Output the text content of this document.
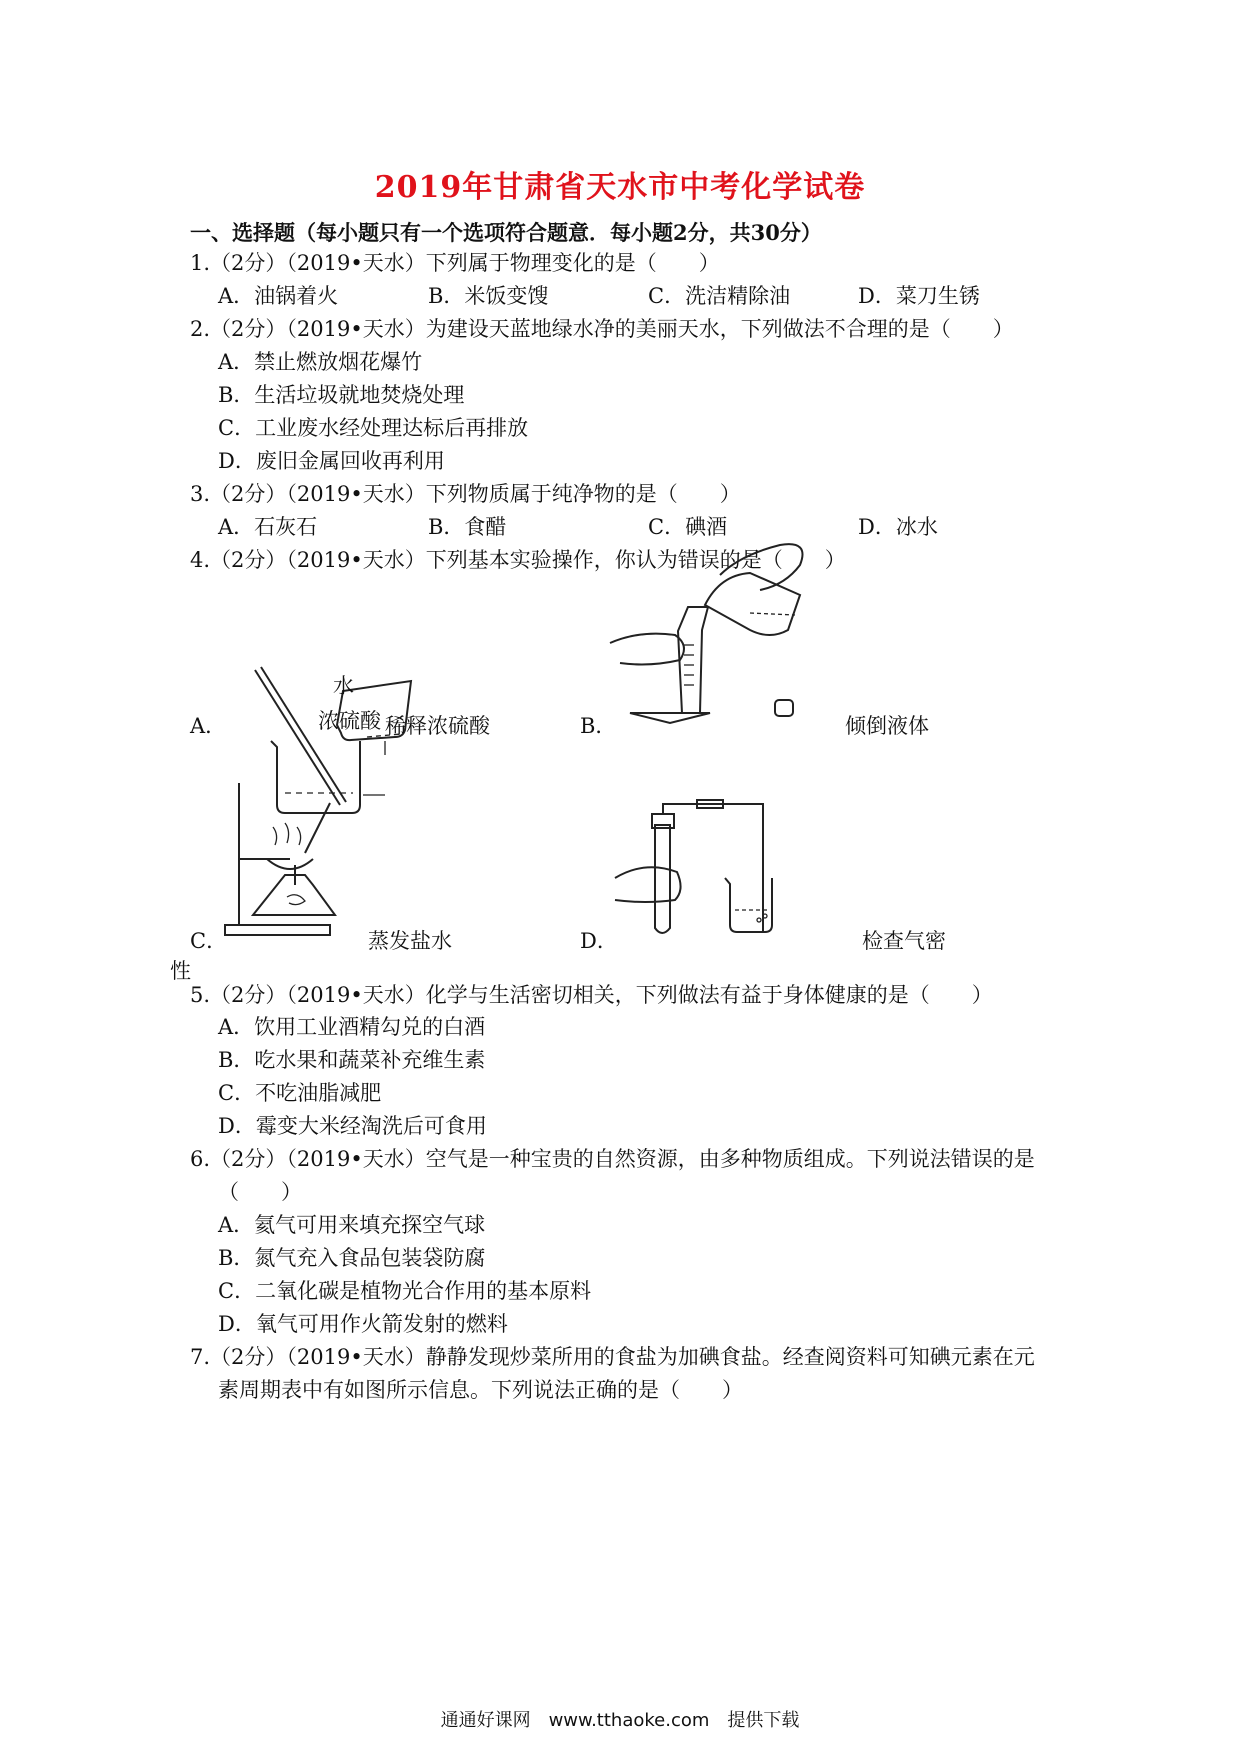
2019年甘肃省天水市中考化学试卷
一、选择题（每小题只有一个选项符合题意．每小题2分，共30分）
1.（2分）（2019•天水）下列属于物理变化的是（　　）
A．油锅着火	B．米饭变馊	C．洗洁精除油	D．菜刀生锈
2.（2分）（2019•天水）为建设天蓝地绿水净的美丽天水，下列做法不合理的是（　　）
A．禁止燃放烟花爆竹
B．生活垃圾就地焚烧处理
C．工业废水经处理达标后再排放
D．废旧金属回收再利用
3.（2分）（2019•天水）下列物质属于纯净物的是（　　）
A．石灰石	B．食醋	C．碘酒	D．冰水
4.（2分）（2019•天水）下列基本实验操作，你认为错误的是（　　）
水
浓硫酸
A．	稀释浓硫酸	B．	倾倒液体
C．	蒸发盐水	D．	检查气密
性
5.（2分）（2019•天水）化学与生活密切相关，下列做法有益于身体健康的是（　　）
A．饮用工业酒精勾兑的白酒
B．吃水果和蔬菜补充维生素
C．不吃油脂减肥
D．霉变大米经淘洗后可食用
6.（2分）（2019•天水）空气是一种宝贵的自然资源，由多种物质组成。下列说法错误的是
（　　）
A．氦气可用来填充探空气球
B．氮气充入食品包装袋防腐
C．二氧化碳是植物光合作用的基本原料
D．氧气可用作火箭发射的燃料
7.（2分）（2019•天水）静静发现炒菜所用的食盐为加碘食盐。经查阅资料可知碘元素在元
素周期表中有如图所示信息。下列说法正确的是（　　）
通通好课网　www.tthaoke.com　提供下载
